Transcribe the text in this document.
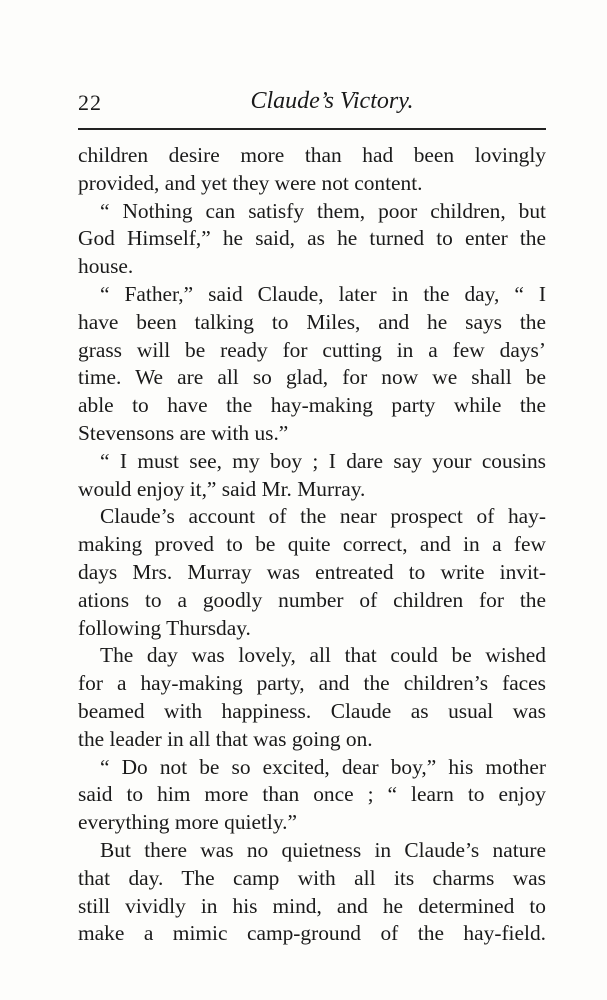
22	Claude’s Victory.
children desire more than had been lovingly
provided, and yet they were not content.
“ Nothing can satisfy them, poor children, but
God Himself,” he said, as he turned to enter the
house.
“ Father,” said Claude, later in the day, “ I
have been talking to Miles, and he says the
grass will be ready for cutting in a few days’
time. We are all so glad, for now we shall be
able to have the hay-making party while the
Stevensons are with us.”
“ I must see, my boy ; I dare say your cousins
would enjoy it,” said Mr. Murray.
Claude’s account of the near prospect of hay-
making proved to be quite correct, and in a few
days Mrs. Murray was entreated to write invit-
ations to a goodly number of children for the
following Thursday.
The day was lovely, all that could be wished
for a hay-making party, and the children’s faces
beamed with happiness. Claude as usual was
the leader in all that was going on.
“ Do not be so excited, dear boy,” his mother
said to him more than once ; “ learn to enjoy
everything more quietly.”
But there was no quietness in Claude’s nature
that day. The camp with all its charms was
still vividly in his mind, and he determined to
make a mimic camp-ground of the hay-field.
